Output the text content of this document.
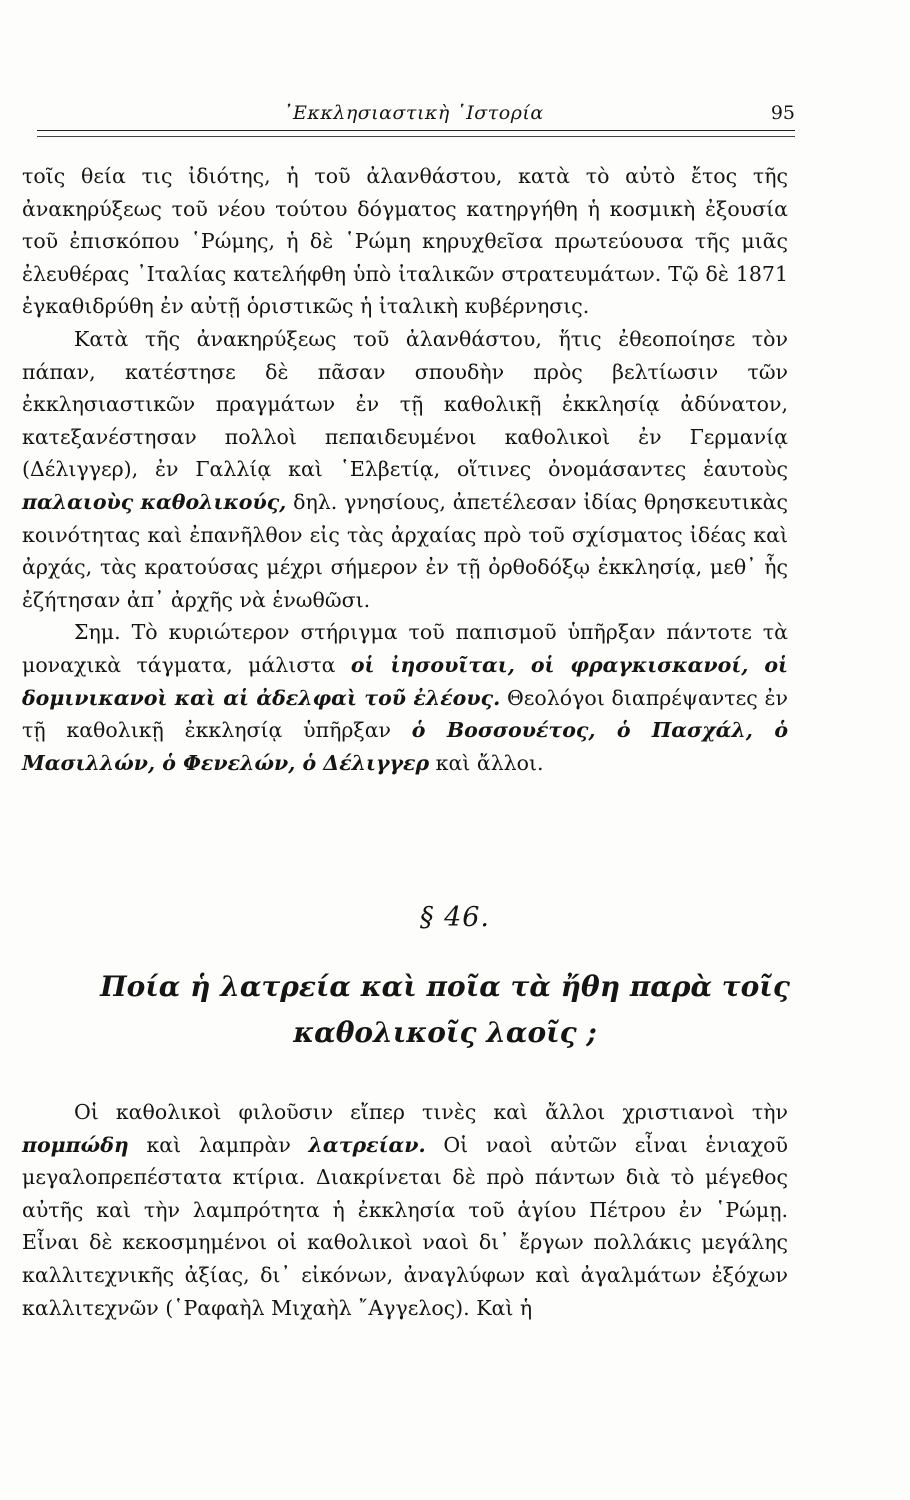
᾿Εκκλησιαστικὴ ῾Ιστορία	95

τοῖς θεία τις ἰδιότης, ἡ τοῦ ἀλανθάστου, κατὰ τὸ αὐτὸ ἔτος τῆς ἀνακηρύξεως τοῦ νέου τούτου δόγματος κατηργήθη ἡ κοσμικὴ ἐξουσία τοῦ ἐπισκόπου ῾Ρώμης, ἡ δὲ ῾Ρώμη κηρυχθεῖσα πρωτεύουσα τῆς μιᾶς ἐλευθέρας ᾿Ιταλίας κατελήφθη ὑπὸ ἰταλικῶν στρατευμάτων. Τῷ δὲ 1871 ἐγκαθιδρύθη ἐν αὐτῇ ὁριστικῶς ἡ ἰταλικὴ κυβέρνησις.

Κατὰ τῆς ἀνακηρύξεως τοῦ ἀλανθάστου, ἥτις ἐθεοποίησε τὸν πάπαν, κατέστησε δὲ πᾶσαν σπουδὴν πρὸς βελτίωσιν τῶν ἐκκλησιαστικῶν πραγμάτων ἐν τῇ καθολικῇ ἐκκλησίᾳ ἀδύνατον, κατεξανέστησαν πολλοὶ πεπαιδευμένοι καθολικοὶ ἐν Γερμανίᾳ (Δέλιγγερ), ἐν Γαλλίᾳ καὶ ῾Ελβετίᾳ, οἵτινες ὀνομάσαντες ἑαυτοὺς παλαιοὺς καθολικούς, δηλ. γνησίους, ἀπετέλεσαν ἰδίας θρησκευτικὰς κοινότητας καὶ ἐπανῆλθον εἰς τὰς ἀρχαίας πρὸ τοῦ σχίσματος ἰδέας καὶ ἀρχάς, τὰς κρατούσας μέχρι σήμερον ἐν τῇ ὀρθοδόξῳ ἐκκλησίᾳ, μεθ᾿ ἧς ἐζήτησαν ἀπ᾿ ἀρχῆς νὰ ἑνωθῶσι.

Σημ. Τὸ κυριώτερον στήριγμα τοῦ παπισμοῦ ὑπῆρξαν πάντοτε τὰ μοναχικὰ τάγματα, μάλιστα οἱ ἰησουῖται, οἱ φραγκισκανοί, οἱ δομινικανοὶ καὶ αἱ ἀδελφαὶ τοῦ ἐλέους. Θεολόγοι διαπρέψαντες ἐν τῇ καθολικῇ ἐκκλησίᾳ ὑπῆρξαν ὁ Βοσσουέτος, ὁ Πασχάλ, ὁ Μασιλλών, ὁ Φενελών, ὁ Δέλιγγερ καὶ ἄλλοι.

§ 46.
Ποία ἡ λατρεία καὶ ποῖα τὰ ἤθη παρὰ τοῖς
καθολικοῖς λαοῖς ;

Οἱ καθολικοὶ φιλοῦσιν εἴπερ τινὲς καὶ ἄλλοι χριστιανοὶ τὴν πομπώδη καὶ λαμπρὰν λατρείαν. Οἱ ναοὶ αὐτῶν εἶναι ἑνιαχοῦ μεγαλοπρεπέστατα κτίρια. Διακρίνεται δὲ πρὸ πάντων διὰ τὸ μέγεθος αὐτῆς καὶ τὴν λαμπρότητα ἡ ἐκκλησία τοῦ ἁγίου Πέτρου ἐν ῾Ρώμῃ. Εἶναι δὲ κεκοσμημένοι οἱ καθολικοὶ ναοὶ δι᾿ ἔργων πολλάκις μεγάλης καλλιτεχνικῆς ἀξίας, δι᾿ εἰκόνων, ἀναγλύφων καὶ ἀγαλμάτων ἐξόχων καλλιτεχνῶν (῾Ραφαὴλ Μιχαὴλ ῎Αγγελος). Καὶ ἡ
